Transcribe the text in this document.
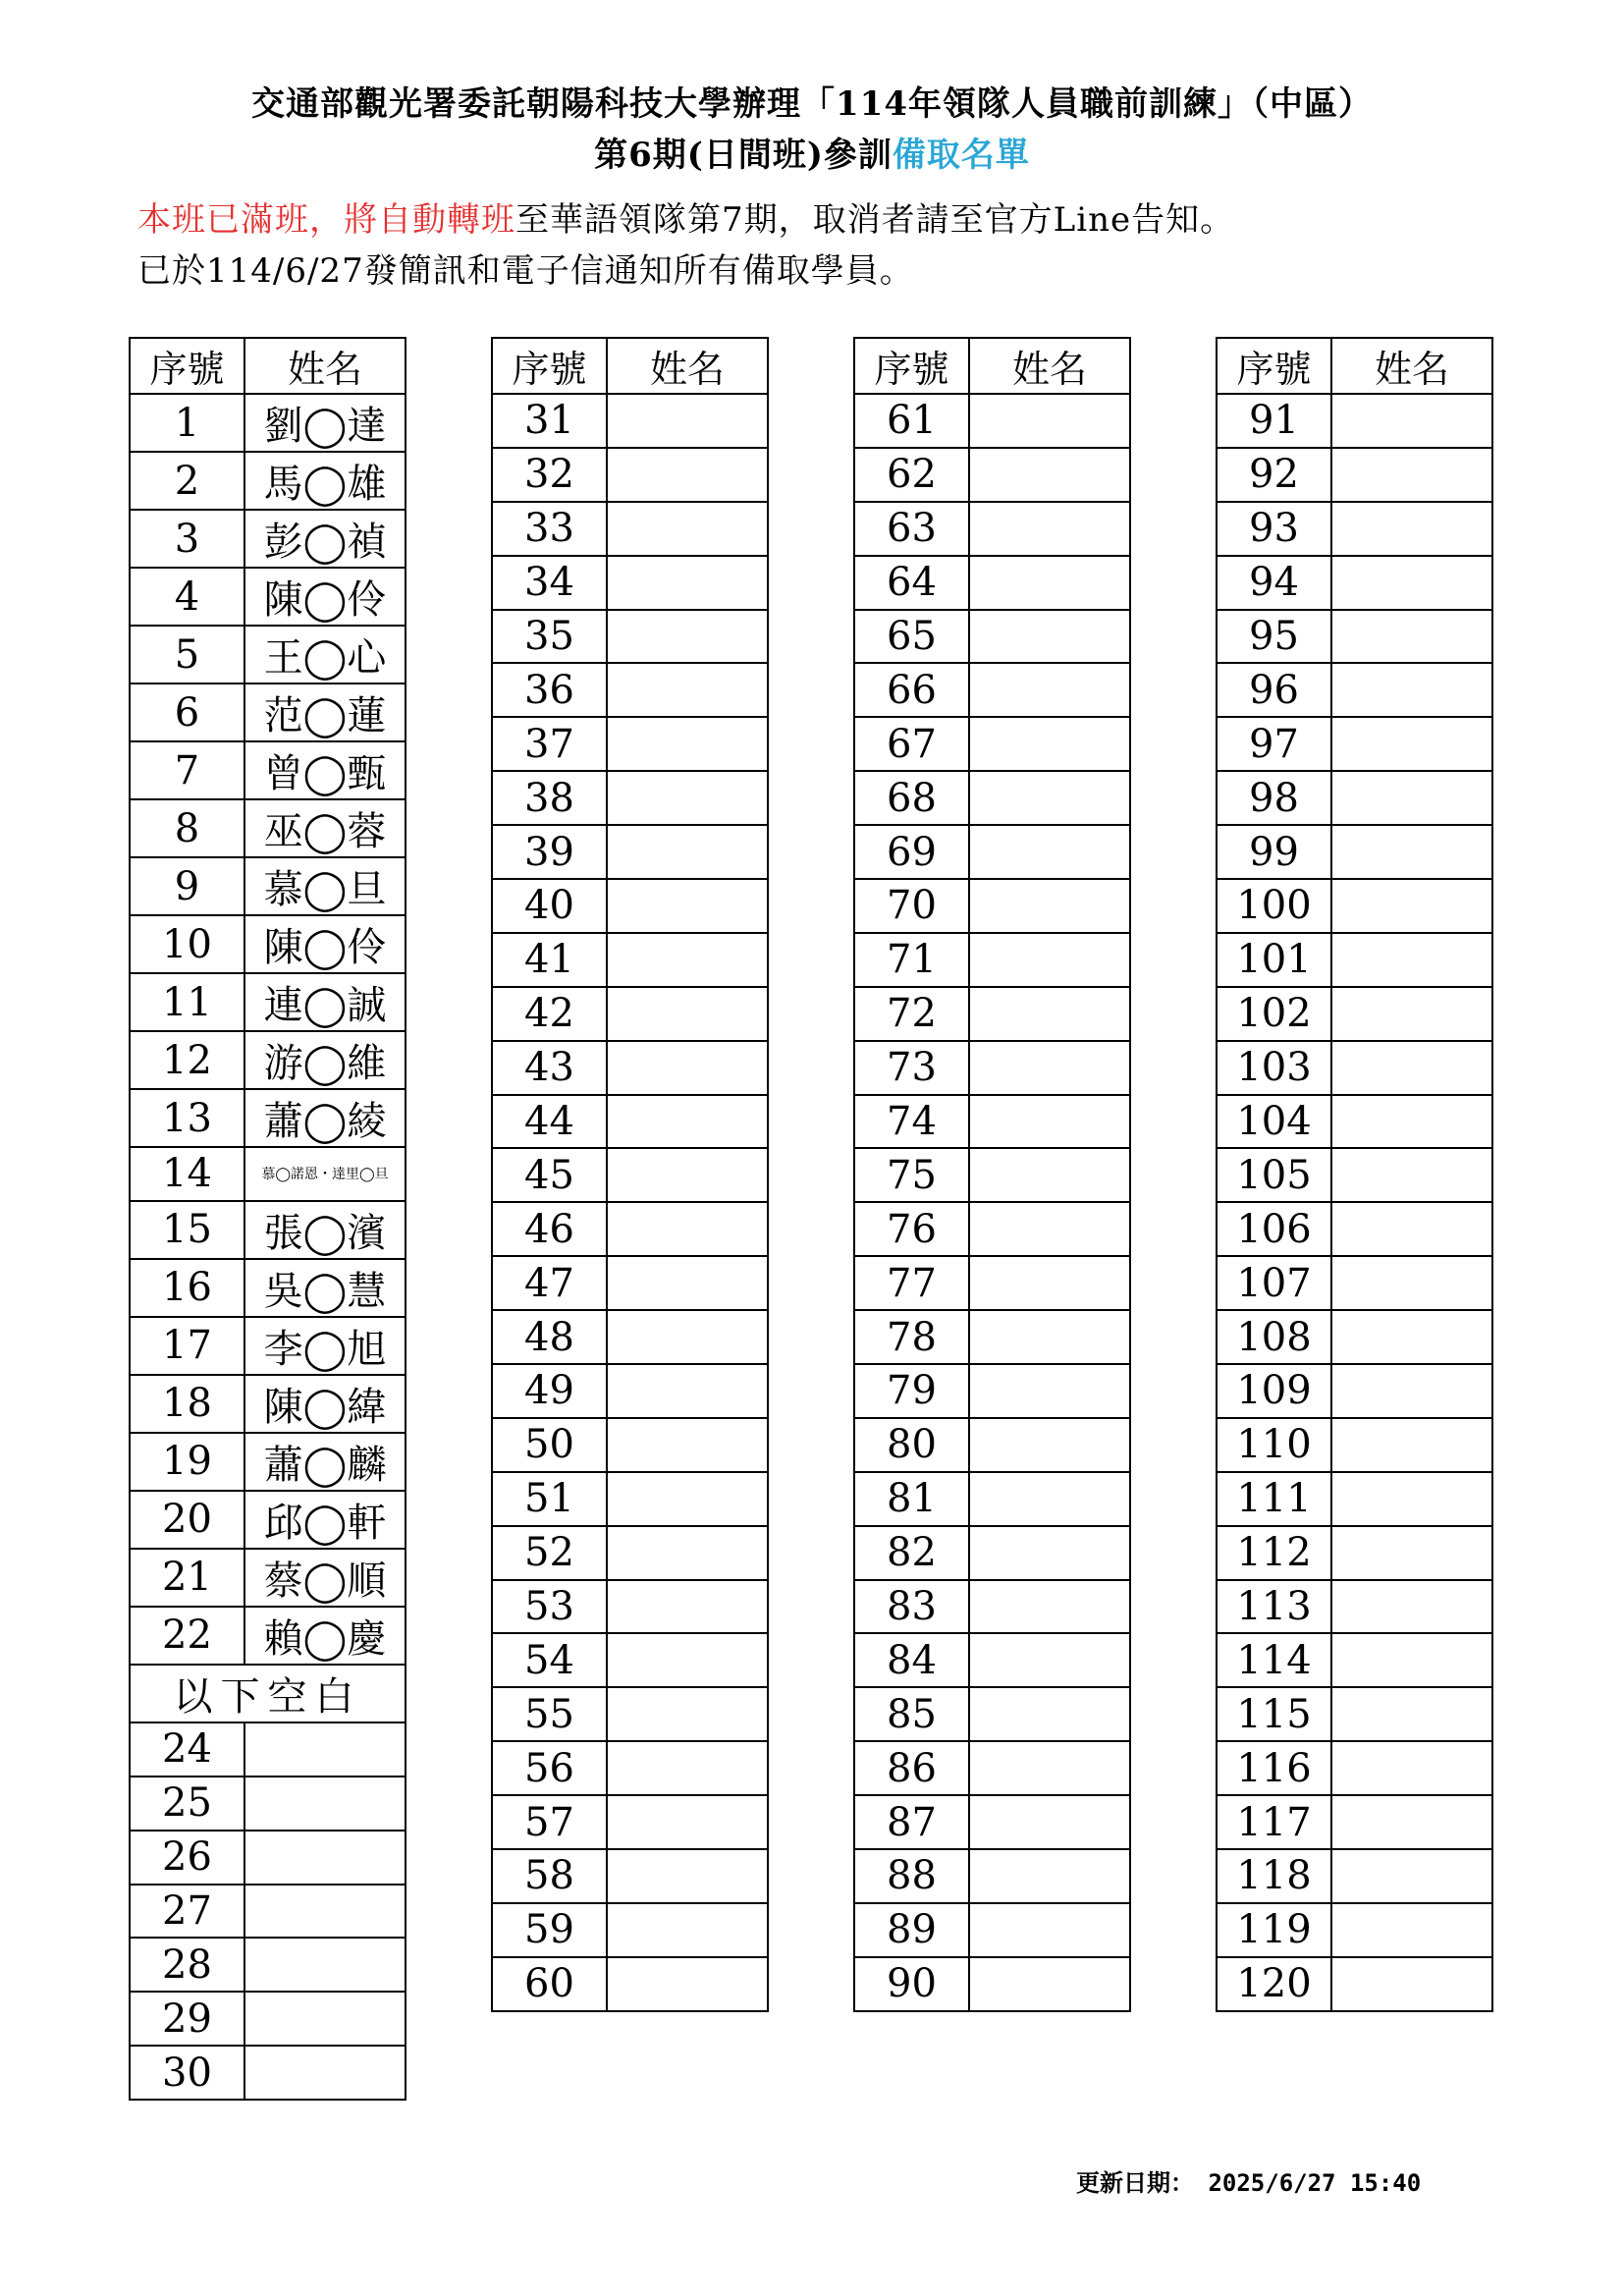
交通部觀光署委託朝陽科技大學辦理「114年領隊人員職前訓練」（中區）
第6期(日間班)參訓備取名單
本班已滿班，將自動轉班至華語領隊第7期，取消者請至官方Line告知。
已於114/6/27發簡訊和電子信通知所有備取學員。
序號	姓名
1	劉◯達
2	馬◯雄
3	彭◯禎
4	陳◯伶
5	王◯心
6	范◯蓮
7	曾◯甄
8	巫◯蓉
9	慕◯旦
10	陳◯伶
11	連◯誠
12	游◯維
13	蕭◯綾
14	慕◯諾恩・達里◯旦
15	張◯濱
16	吳◯慧
17	李◯旭
18	陳◯緯
19	蕭◯麟
20	邱◯軒
21	蔡◯順
22	賴◯慶
以下空白	
24	
25	
26	
27	
28	
29	
30	
序號	姓名
31	
32	
33	
34	
35	
36	
37	
38	
39	
40	
41	
42	
43	
44	
45	
46	
47	
48	
49	
50	
51	
52	
53	
54	
55	
56	
57	
58	
59	
60	
序號	姓名
61	
62	
63	
64	
65	
66	
67	
68	
69	
70	
71	
72	
73	
74	
75	
76	
77	
78	
79	
80	
81	
82	
83	
84	
85	
86	
87	
88	
89	
90	
序號	姓名
91	
92	
93	
94	
95	
96	
97	
98	
99	
100	
101	
102	
103	
104	
105	
106	
107	
108	
109	
110	
111	
112	
113	
114	
115	
116	
117	
118	
119	
120	
更新日期： 2025/6/27 15:40
